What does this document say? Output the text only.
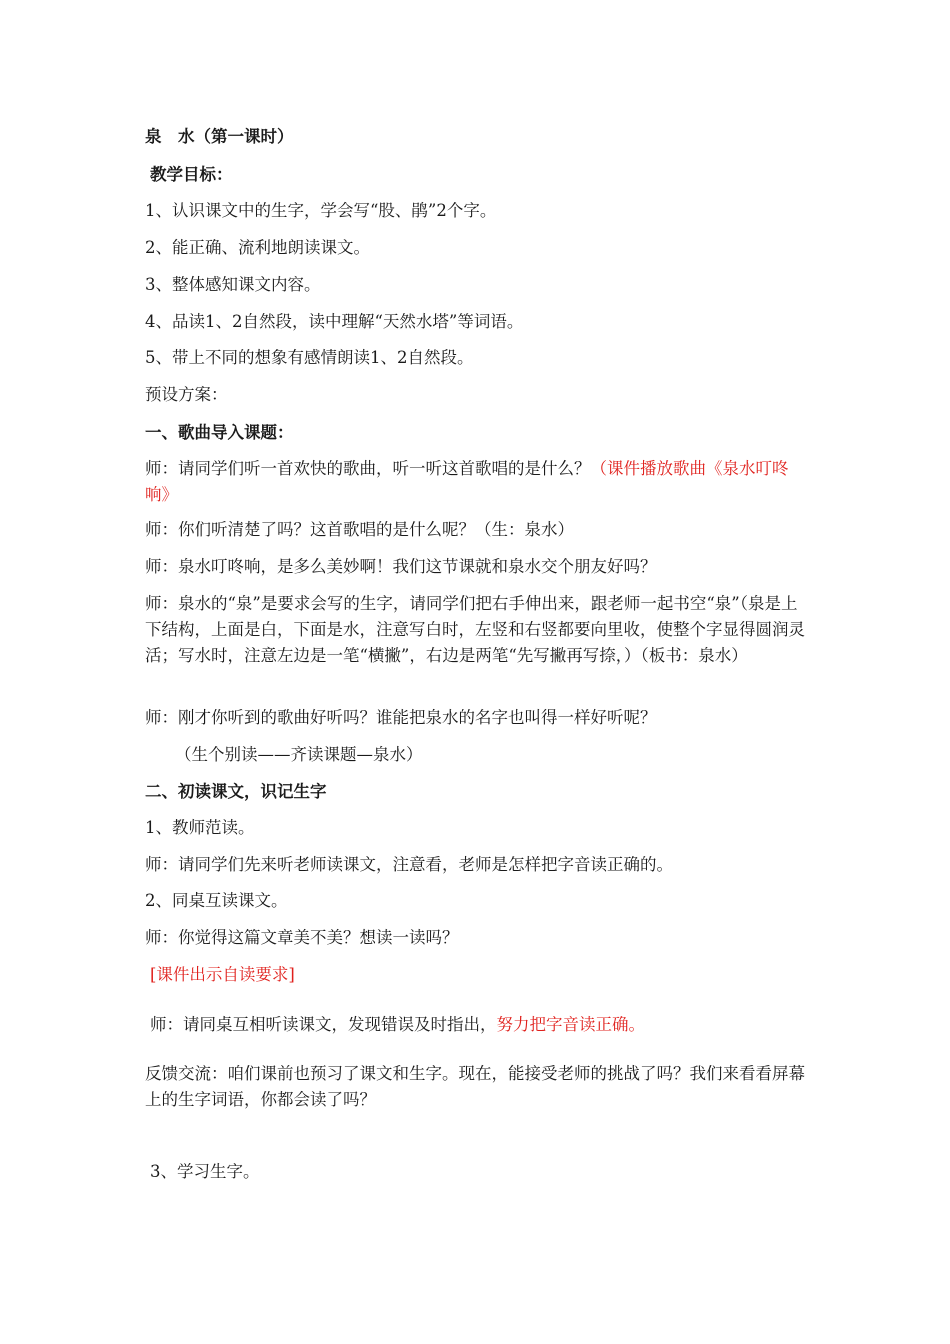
泉　水（第一课时）

教学目标：

1、认识课文中的生字，学会写“股、鹃”2个字。

2、能正确、流利地朗读课文。

3、整体感知课文内容。

4、品读1、2自然段，读中理解“天然水塔”等词语。

5、带上不同的想象有感情朗读1、2自然段。

预设方案：

一、歌曲导入课题：

师：请同学们听一首欢快的歌曲，听一听这首歌唱的是什么？（课件播放歌曲《泉水叮咚响》

师：你们听清楚了吗？这首歌唱的是什么呢？（生：泉水）

师：泉水叮咚响，是多么美妙啊！我们这节课就和泉水交个朋友好吗？

师：泉水的“泉”是要求会写的生字，请同学们把右手伸出来，跟老师一起书空“泉”（泉是上下结构，上面是白，下面是水，注意写白时，左竖和右竖都要向里收，使整个字显得圆润灵活；写水时，注意左边是一笔“横撇”，右边是两笔“先写撇再写捺，）（板书：泉水）

师：刚才你听到的歌曲好听吗？谁能把泉水的名字也叫得一样好听呢？

（生个别读——齐读课题—泉水）

二、初读课文，识记生字

1、教师范读。

师：请同学们先来听老师读课文，注意看，老师是怎样把字音读正确的。

2、同桌互读课文。

师：你觉得这篇文章美不美？想读一读吗？

[课件出示自读要求]

师：请同桌互相听读课文，发现错误及时指出，努力把字音读正确。

反馈交流：咱们课前也预习了课文和生字。现在，能接受老师的挑战了吗？我们来看看屏幕上的生字词语，你都会读了吗？

3、学习生字。
